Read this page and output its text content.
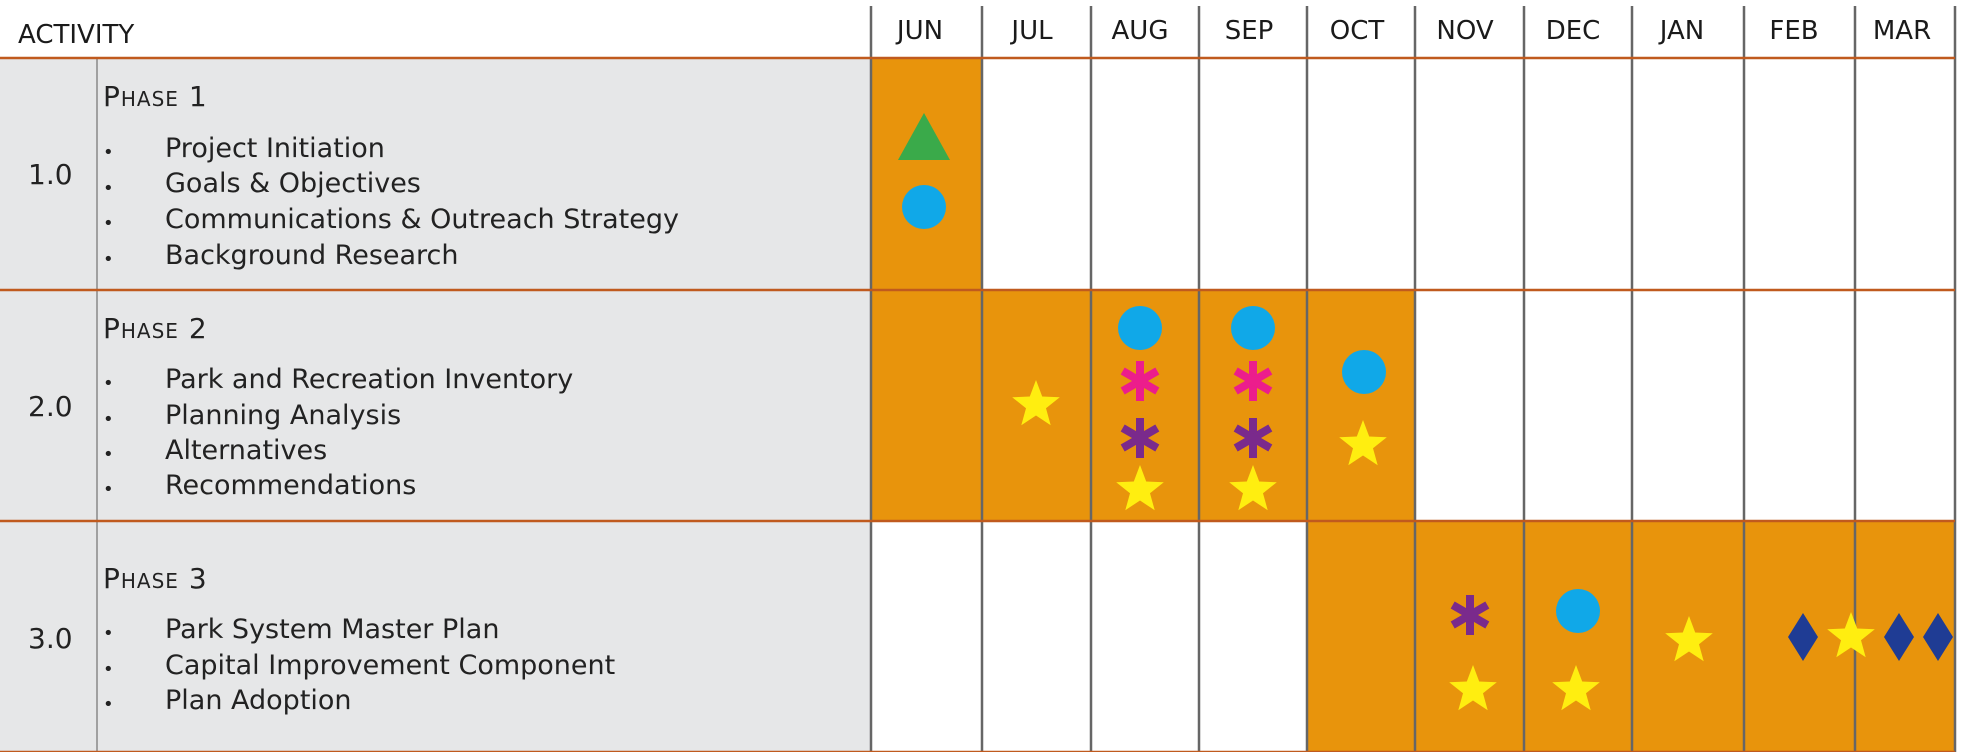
ACTIVITY	JUN	JUL	AUG	SEP	OCT	NOV	DEC	JAN	FEB	MAR
1.0
Phase 1
• Project Initiation
• Goals & Objectives
• Communications & Outreach Strategy
• Background Research
2.0
Phase 2
• Park and Recreation Inventory
• Planning Analysis
• Alternatives
• Recommendations
3.0
Phase 3
• Park System Master Plan
• Capital Improvement Component
• Plan Adoption
